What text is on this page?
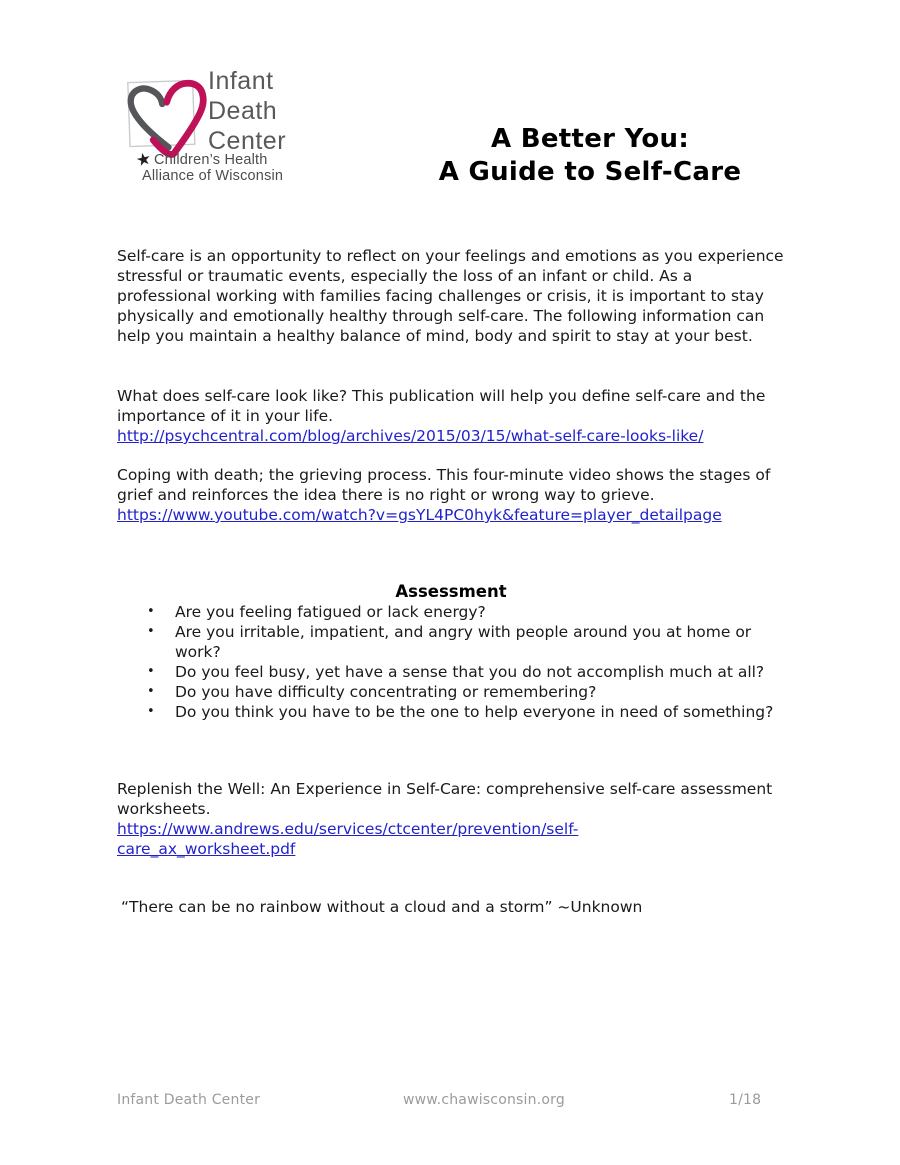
Infant
Death
Center
★ Children’s Health
Alliance of Wisconsin
A Better You:
A Guide to Self-Care

Self-care is an opportunity to reflect on your feelings and emotions as you experience stressful or traumatic events, especially the loss of an infant or child. As a professional working with families facing challenges or crisis, it is important to stay physically and emotionally healthy through self-care. The following information can help you maintain a healthy balance of mind, body and spirit to stay at your best.

What does self-care look like? This publication will help you define self-care and the importance of it in your life.
http://psychcentral.com/blog/archives/2015/03/15/what-self-care-looks-like/

Coping with death; the grieving process. This four-minute video shows the stages of grief and reinforces the idea there is no right or wrong way to grieve.
https://www.youtube.com/watch?v=gsYL4PC0hyk&feature=player_detailpage

Assessment
• Are you feeling fatigued or lack energy?
• Are you irritable, impatient, and angry with people around you at home or work?
• Do you feel busy, yet have a sense that you do not accomplish much at all?
• Do you have difficulty concentrating or remembering?
• Do you think you have to be the one to help everyone in need of something?

Replenish the Well: An Experience in Self-Care: comprehensive self-care assessment worksheets.
https://www.andrews.edu/services/ctcenter/prevention/self-
care_ax_worksheet.pdf

“There can be no rainbow without a cloud and a storm” ~Unknown

Infant Death Center	www.chawisconsin.org	1/18
